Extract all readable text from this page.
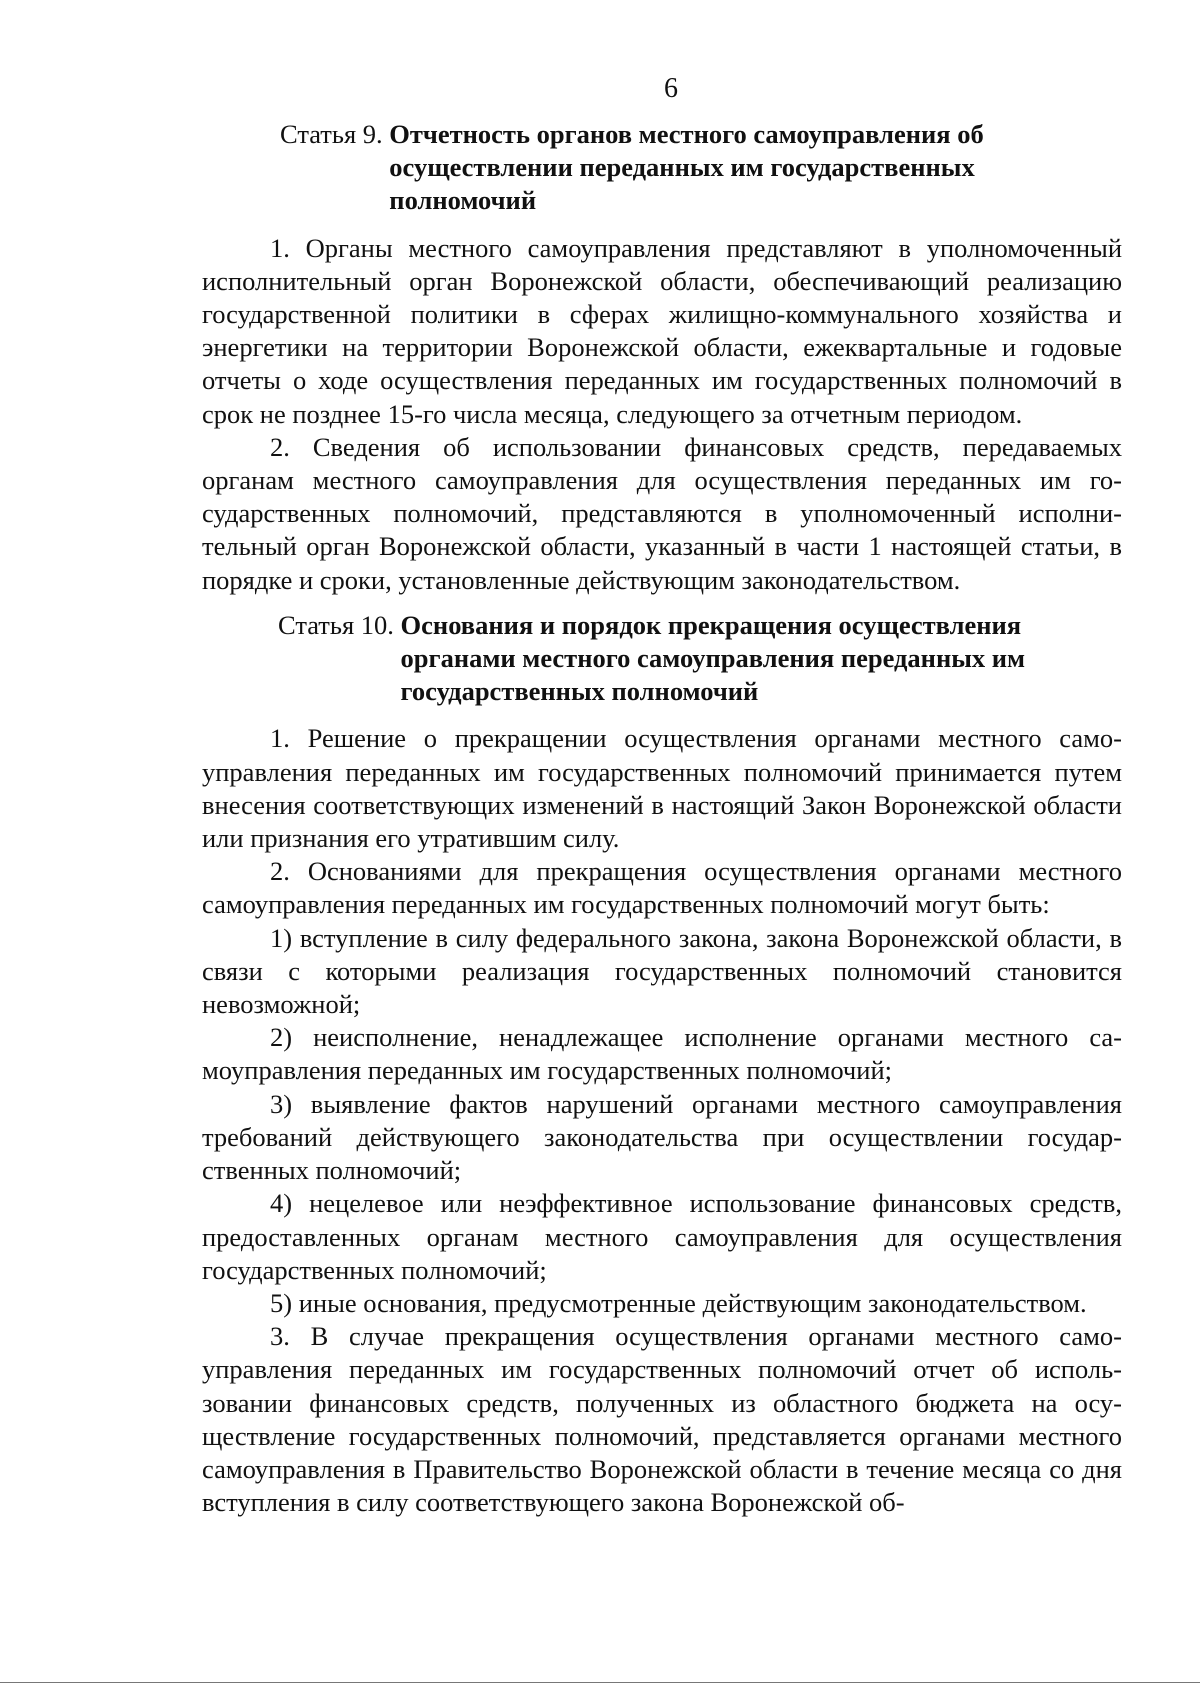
6
Статья 9. Отчетность органов местного самоуправления об осуществлении переданных им государственных полномочий

1. Органы местного самоуправления представляют в уполномоченный исполнительный орган Воронежской области, обеспечивающий реализацию государственной политики в сферах жилищно-коммунального хозяйства и энергетики на территории Воронежской области, ежеквартальные и годовые отчеты о ходе осуществления переданных им государственных полномочий в срок не позднее 15-го числа месяца, следующего за отчетным периодом.

2. Сведения об использовании финансовых средств, передаваемых органам местного самоуправления для осуществления переданных им государственных полномочий, представляются в уполномоченный исполнительный орган Воронежской области, указанный в части 1 настоящей статьи, в порядке и сроки, установленные действующим законодательством.

Статья 10. Основания и порядок прекращения осуществления органами местного самоуправления переданных им государственных полномочий

1. Решение о прекращении осуществления органами местного самоуправления переданных им государственных полномочий принимается путем внесения соответствующих изменений в настоящий Закон Воронежской области или признания его утратившим силу.

2. Основаниями для прекращения осуществления органами местного самоуправления переданных им государственных полномочий могут быть:

1) вступление в силу федерального закона, закона Воронежской области, в связи с которыми реализация государственных полномочий становится невозможной;

2) неисполнение, ненадлежащее исполнение органами местного самоуправления переданных им государственных полномочий;

3) выявление фактов нарушений органами местного самоуправления требований действующего законодательства при осуществлении государственных полномочий;

4) нецелевое или неэффективное использование финансовых средств, предоставленных органам местного самоуправления для осуществления государственных полномочий;

5) иные основания, предусмотренные действующим законодательством.

3. В случае прекращения осуществления органами местного самоуправления переданных им государственных полномочий отчет об использовании финансовых средств, полученных из областного бюджета на осуществление государственных полномочий, представляется органами местного самоуправления в Правительство Воронежской области в течение месяца со дня вступления в силу соответствующего закона Воронежской об-
